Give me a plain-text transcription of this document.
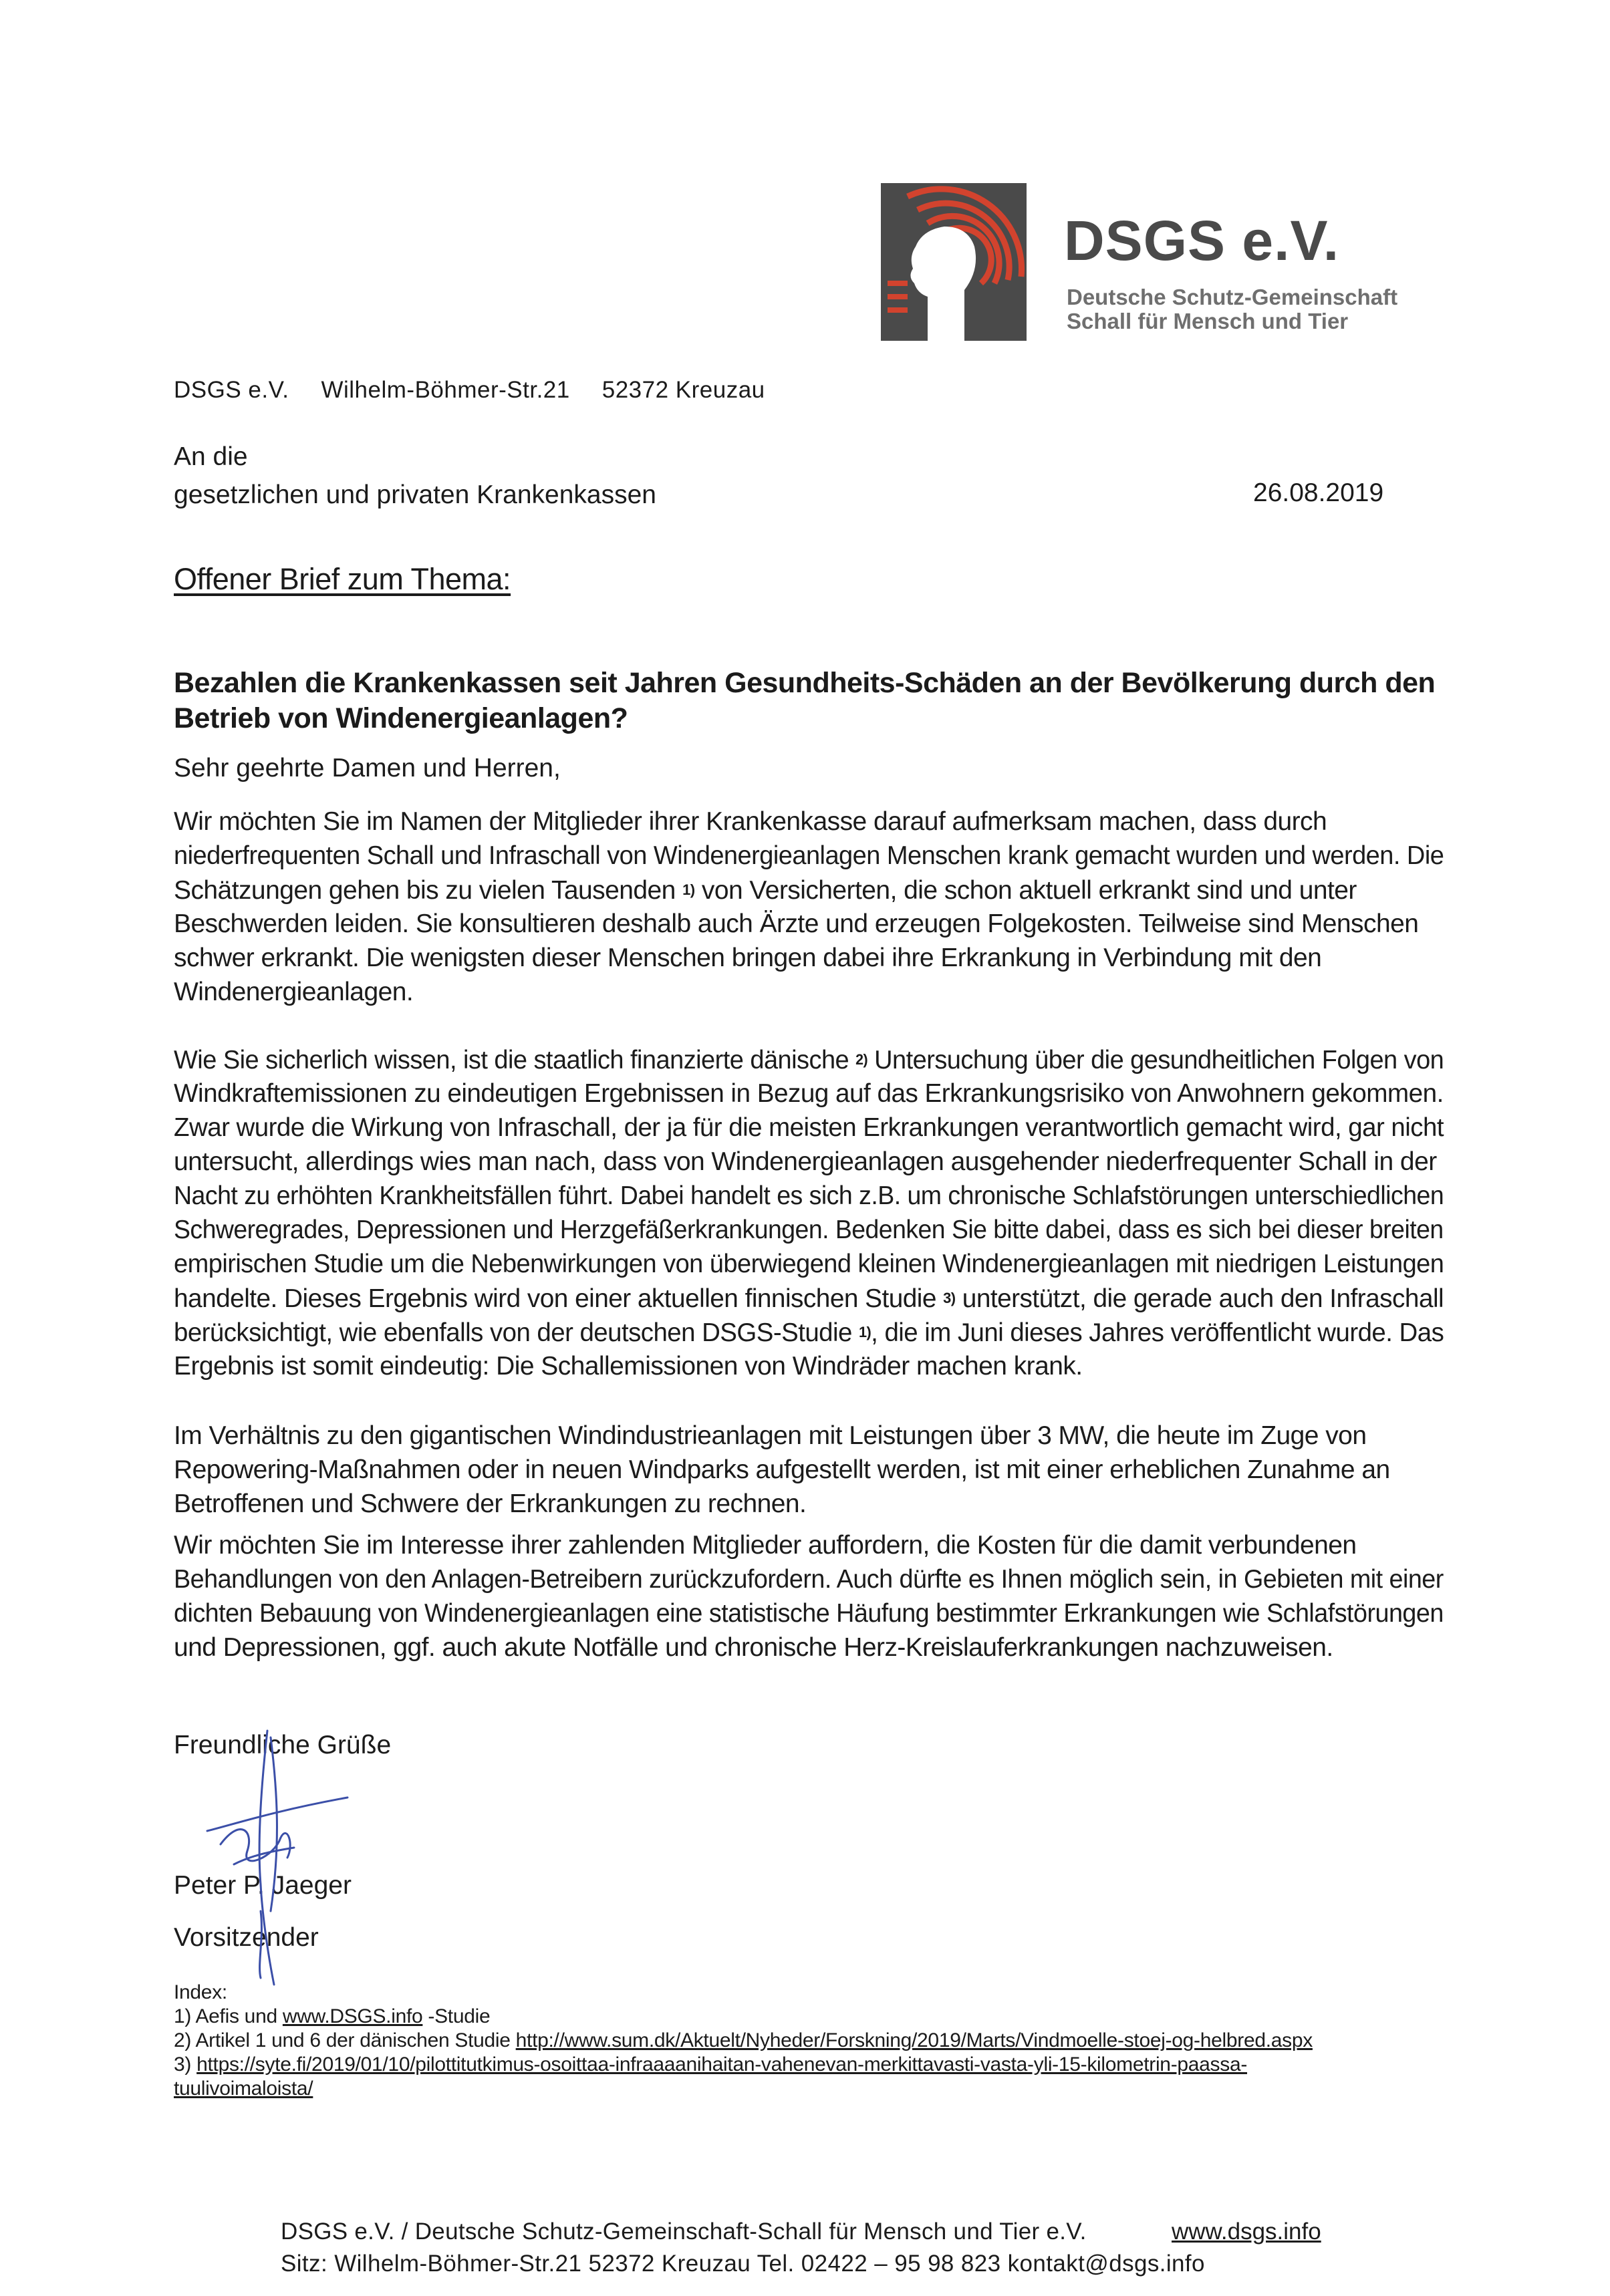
DSGS e.V.
Deutsche Schutz-Gemeinschaft
Schall für Mensch und Tier
DSGS e.V. Wilhelm-Böhmer-Str.21 52372 Kreuzau
An die
gesetzlichen und privaten Krankenkassen	26.08.2019
Offener Brief zum Thema:
Bezahlen die Krankenkassen seit Jahren Gesundheits-Schäden an der Bevölkerung durch den Betrieb von Windenergieanlagen?
Sehr geehrte Damen und Herren,
Wir möchten Sie im Namen der Mitglieder ihrer Krankenkasse darauf aufmerksam machen, dass durch
niederfrequenten Schall und Infraschall von Windenergieanlagen Menschen krank gemacht wurden und werden. Die
Schätzungen gehen bis zu vielen Tausenden $^{1)}$ von Versicherten, die schon aktuell erkrankt sind und unter
Beschwerden leiden. Sie konsultieren deshalb auch Ärzte und erzeugen Folgekosten. Teilweise sind Menschen
schwer erkrankt. Die wenigsten dieser Menschen bringen dabei ihre Erkrankung in Verbindung mit den
Windenergieanlagen.
Wie Sie sicherlich wissen, ist die staatlich finanzierte dänische $^{2)}$ Untersuchung über die gesundheitlichen Folgen von
Windkraftemissionen zu eindeutigen Ergebnissen in Bezug auf das Erkrankungsrisiko von Anwohnern gekommen.
Zwar wurde die Wirkung von Infraschall, der ja für die meisten Erkrankungen verantwortlich gemacht wird, gar nicht
untersucht, allerdings wies man nach, dass von Windenergieanlagen ausgehender niederfrequenter Schall in der
Nacht zu erhöhten Krankheitsfällen führt. Dabei handelt es sich z.B. um chronische Schlafstörungen unterschiedlichen
Schweregrades, Depressionen und Herzgefäßerkrankungen. Bedenken Sie bitte dabei, dass es sich bei dieser breiten
empirischen Studie um die Nebenwirkungen von überwiegend kleinen Windenergieanlagen mit niedrigen Leistungen
handelte. Dieses Ergebnis wird von einer aktuellen finnischen Studie $^{3)}$ unterstützt, die gerade auch den Infraschall
berücksichtigt, wie ebenfalls von der deutschen DSGS-Studie $^{1)}$, die im Juni dieses Jahres veröffentlicht wurde. Das
Ergebnis ist somit eindeutig: Die Schallemissionen von Windräder machen krank.
Im Verhältnis zu den gigantischen Windindustrieanlagen mit Leistungen über 3 MW, die heute im Zuge von
Repowering-Maßnahmen oder in neuen Windparks aufgestellt werden, ist mit einer erheblichen Zunahme an
Betroffenen und Schwere der Erkrankungen zu rechnen.
Wir möchten Sie im Interesse ihrer zahlenden Mitglieder auffordern, die Kosten für die damit verbundenen
Behandlungen von den Anlagen-Betreibern zurückzufordern. Auch dürfte es Ihnen möglich sein, in Gebieten mit einer
dichten Bebauung von Windenergieanlagen eine statistische Häufung bestimmter Erkrankungen wie Schlafstörungen
und Depressionen, ggf. auch akute Notfälle und chronische Herz-Kreislauferkrankungen nachzuweisen.
Freundliche Grüße
Peter P. Jaeger
Vorsitzender
Index:
1) Aefis und www.DSGS.info -Studie
2) Artikel 1 und 6 der dänischen Studie http://www.sum.dk/Aktuelt/Nyheder/Forskning/2019/Marts/Vindmoelle-stoej-og-helbred.aspx
3) https://syte.fi/2019/01/10/pilottitutkimus-osoittaa-infraaaanihaitan-vahenevan-merkittavasti-vasta-yli-15-kilometrin-paassa-
tuulivoimaloista/
DSGS e.V. / Deutsche Schutz-Gemeinschaft-Schall für Mensch und Tier e.V.	www.dsgs.info
Sitz: Wilhelm-Böhmer-Str.21 52372 Kreuzau Tel. 02422 – 95 98 823 kontakt@dsgs.info
